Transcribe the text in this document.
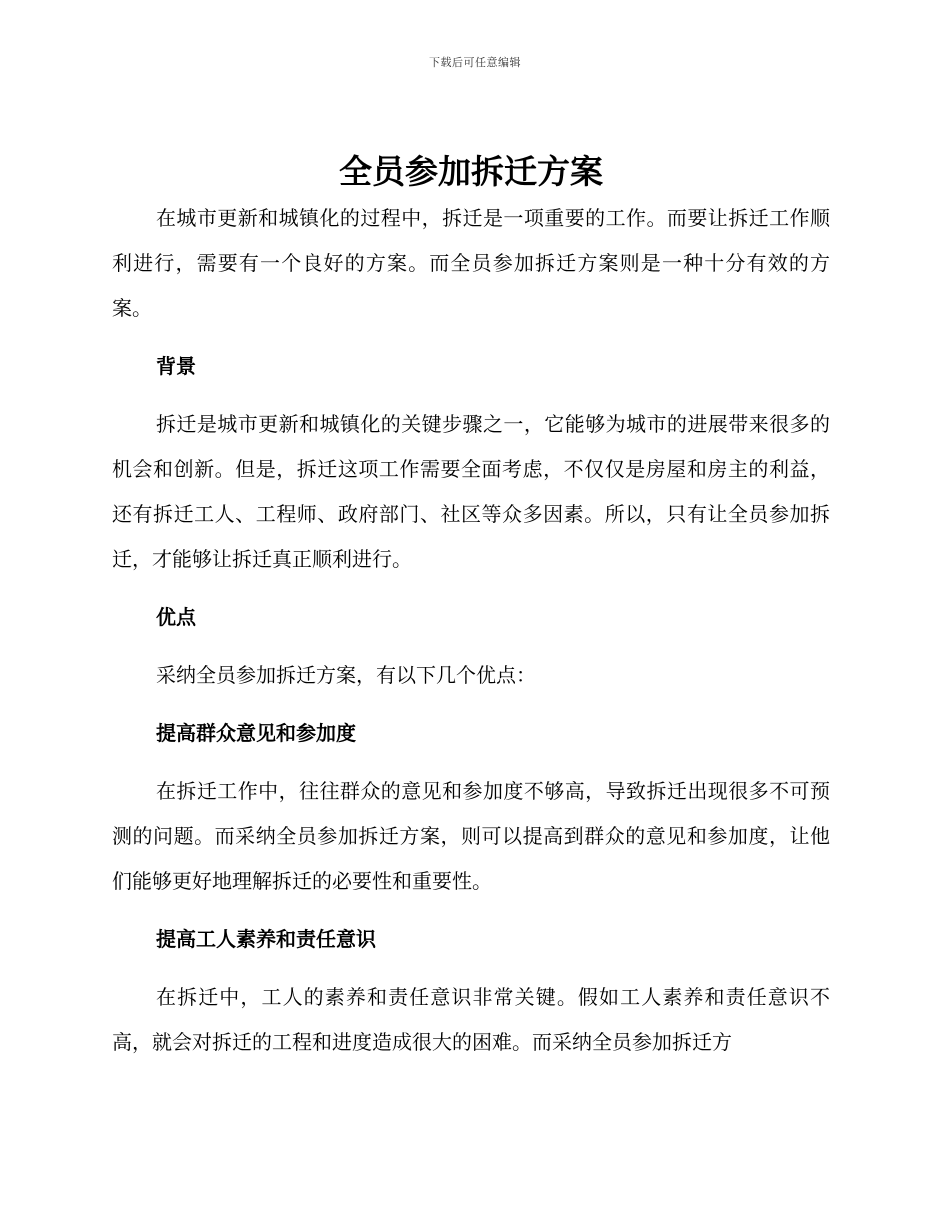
下载后可任意编辑
全员参加拆迁方案

在城市更新和城镇化的过程中，拆迁是一项重要的工作。而要让拆迁工作顺利进行，需要有一个良好的方案。而全员参加拆迁方案则是一种十分有效的方案。

背景

拆迁是城市更新和城镇化的关键步骤之一，它能够为城市的进展带来很多的机会和创新。但是，拆迁这项工作需要全面考虑，不仅仅是房屋和房主的利益，还有拆迁工人、工程师、政府部门、社区等众多因素。所以，只有让全员参加拆迁，才能够让拆迁真正顺利进行。

优点

采纳全员参加拆迁方案，有以下几个优点：

提高群众意见和参加度

在拆迁工作中，往往群众的意见和参加度不够高，导致拆迁出现很多不可预测的问题。而采纳全员参加拆迁方案，则可以提高到群众的意见和参加度，让他们能够更好地理解拆迁的必要性和重要性。

提高工人素养和责任意识

在拆迁中，工人的素养和责任意识非常关键。假如工人素养和责任意识不高，就会对拆迁的工程和进度造成很大的困难。而采纳全员参加拆迁方
